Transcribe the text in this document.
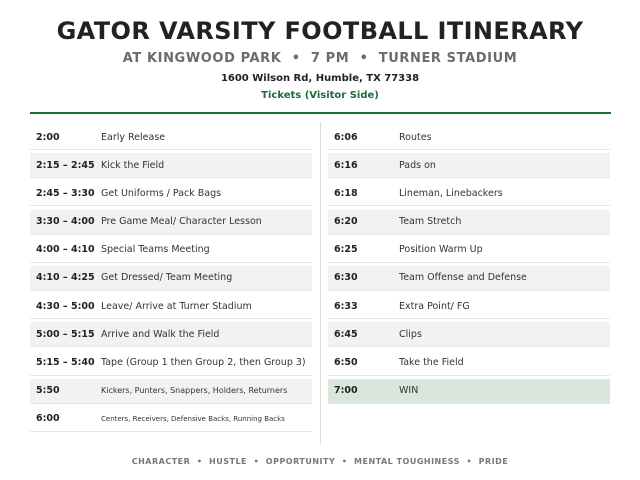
GATOR VARSITY FOOTBALL ITINERARY
AT KINGWOOD PARK  •  7 PM  •  TURNER STADIUM
1600 Wilson Rd, Humble, TX 77338
Tickets (Visitor Side)
2:00	Early Release
2:15 – 2:45 Kick the Field
2:45 – 3:30 Get Uniforms / Pack Bags
3:30 – 4:00 Pre Game Meal/ Character Lesson
4:00 – 4:10 Special Teams Meeting
4:10 – 4:25 Get Dressed/ Team Meeting
4:30 – 5:00 Leave/ Arrive at Turner Stadium
5:00 – 5:15 Arrive and Walk the Field
5:15 – 5:40 Tape (Group 1 then Group 2, then Group 3)
5:50	Kickers, Punters, Snappers, Holders, Returners
6:00	Centers, Receivers, Defensive Backs, Running Backs
6:06	Routes
6:16	Pads on
6:18	Lineman, Linebackers
6:20	Team Stretch
6:25	Position Warm Up
6:30	Team Offense and Defense
6:33	Extra Point/ FG
6:45	Clips
6:50	Take the Field
7:00	WIN
CHARACTER  •  HUSTLE  •  OPPORTUNITY  •  MENTAL TOUGHINESS  •  PRIDE
